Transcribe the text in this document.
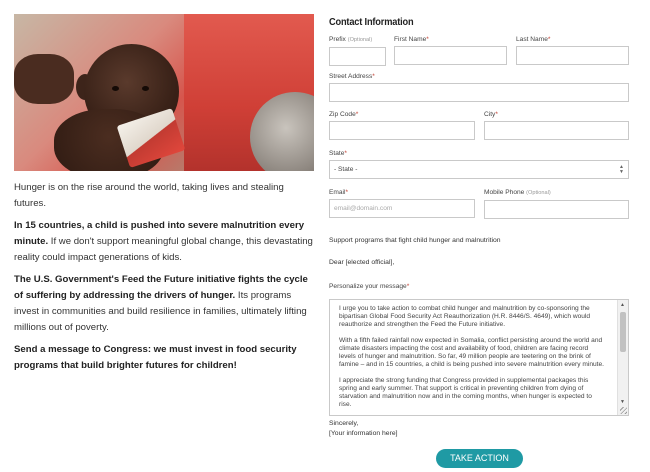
Hunger is on the rise around the world, taking lives and stealing futures.

In 15 countries, a child is pushed into severe malnutrition every minute. If we don't support meaningful global change, this devastating reality could impact generations of kids.

The U.S. Government's Feed the Future initiative fights the cycle of suffering by addressing the drivers of hunger. Its programs invest in communities and build resilience in families, ultimately lifting millions out of poverty.

Send a message to Congress: we must invest in food security programs that build brighter futures for children!

Contact Information
Prefix (Optional)	First Name*	Last Name*
Street Address*
Zip Code*	City*
State*
- State -	▲
▼
Email*
email@domain.com
Mobile Phone (Optional)
Support programs that fight child hunger and malnutrition
Dear [elected official],
Personalize your message*

I urge you to take action to combat child hunger and malnutrition by co-sponsoring the bipartisan Global Food Security Act Reauthorization (H.R. 8446/S. 4649), which would reauthorize and strengthen the Feed the Future initiative.

With a fifth failed rainfall now expected in Somalia, conflict persisting around the world and climate disasters impacting the cost and availability of food, children are facing record levels of hunger and malnutrition. So far, 49 million people are teetering on the brink of famine – and in 15 countries, a child is being pushed into severe malnutrition every minute.

I appreciate the strong funding that Congress provided in supplemental packages this spring and early summer. That support is critical in preventing children from dying of starvation and malnutrition now and in the coming months, when hunger is expected to rise.

▲
▼
Sincerely,
[Your information here]
TAKE ACTION
